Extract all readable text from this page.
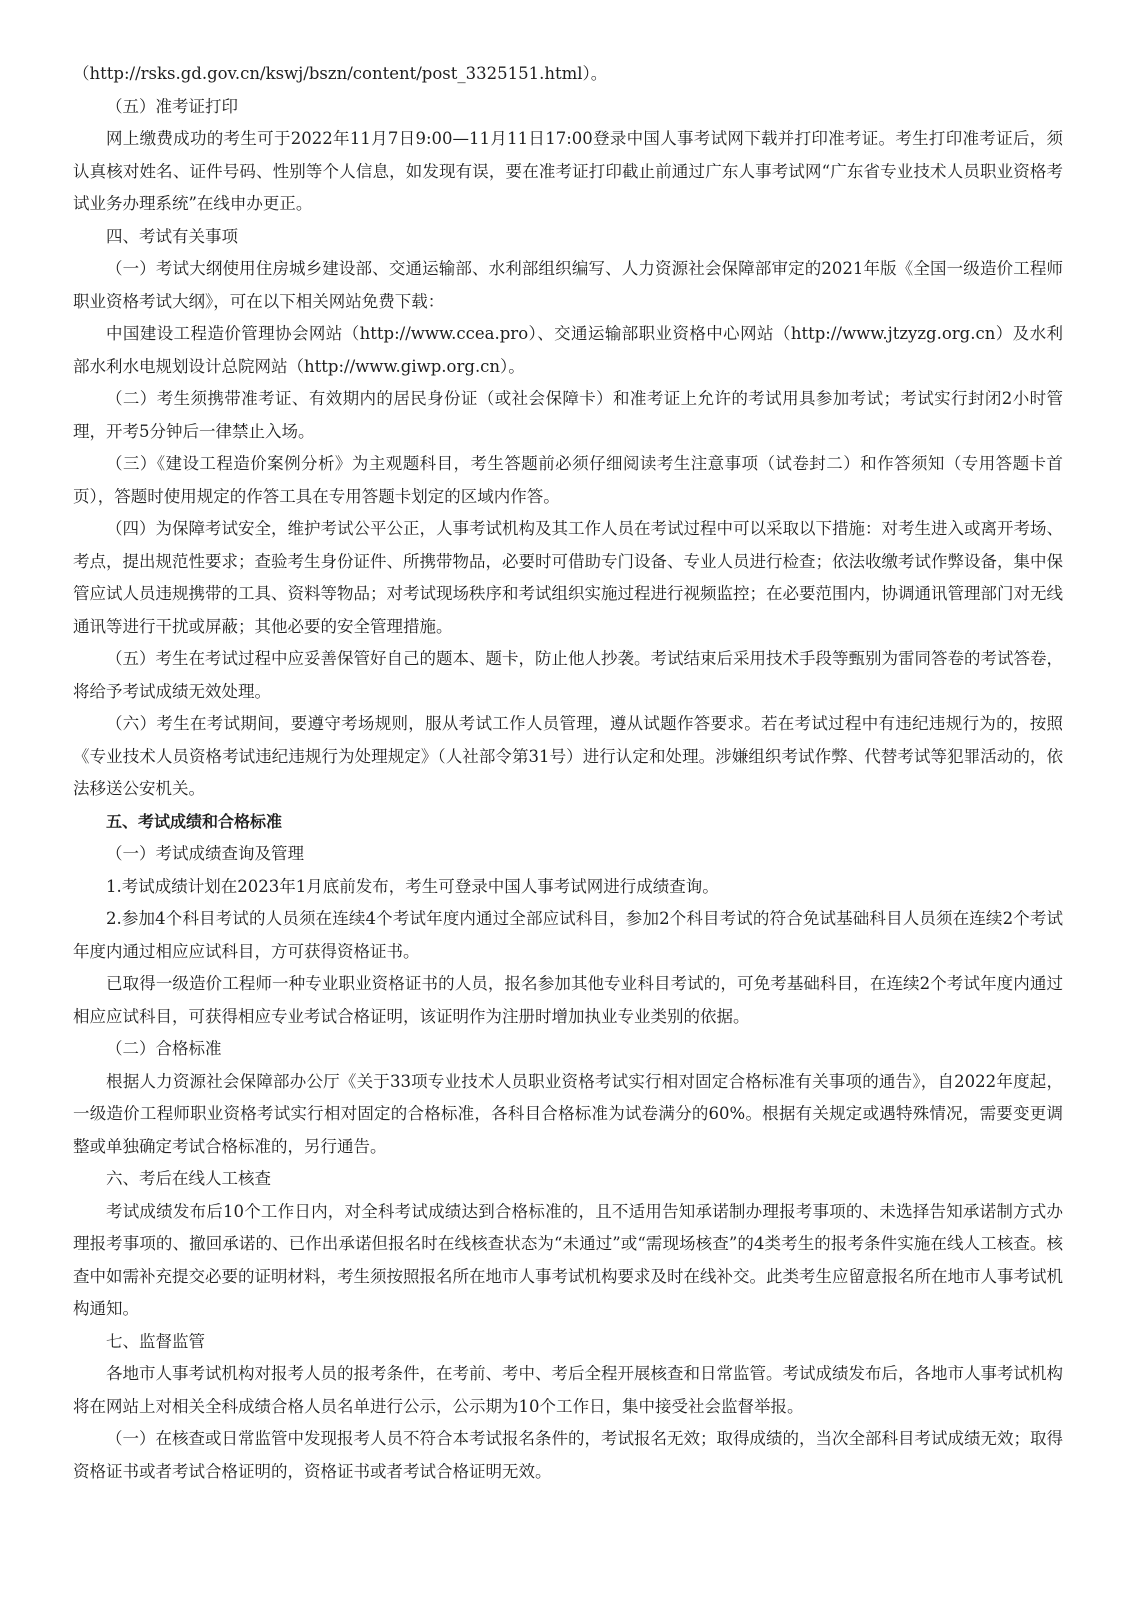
（http://rsks.gd.gov.cn/kswj/bszn/content/post_3325151.html）。

（五）准考证打印

网上缴费成功的考生可于2022年11月7日9:00—11月11日17:00登录中国人事考试网下载并打印准考证。考生打印准考证后，须认真核对姓名、证件号码、性别等个人信息，如发现有误，要在准考证打印截止前通过广东人事考试网“广东省专业技术人员职业资格考试业务办理系统”在线申办更正。

四、考试有关事项

（一）考试大纲使用住房城乡建设部、交通运输部、水利部组织编写、人力资源社会保障部审定的2021年版《全国一级造价工程师职业资格考试大纲》，可在以下相关网站免费下载：

中国建设工程造价管理协会网站（http://www.ccea.pro）、交通运输部职业资格中心网站（http://www.jtzyzg.org.cn）及水利部水利水电规划设计总院网站（http://www.giwp.org.cn）。

（二）考生须携带准考证、有效期内的居民身份证（或社会保障卡）和准考证上允许的考试用具参加考试；考试实行封闭2小时管理，开考5分钟后一律禁止入场。

（三）《建设工程造价案例分析》为主观题科目，考生答题前必须仔细阅读考生注意事项（试卷封二）和作答须知（专用答题卡首页），答题时使用规定的作答工具在专用答题卡划定的区域内作答。

（四）为保障考试安全，维护考试公平公正，人事考试机构及其工作人员在考试过程中可以采取以下措施：对考生进入或离开考场、考点，提出规范性要求；查验考生身份证件、所携带物品，必要时可借助专门设备、专业人员进行检查；依法收缴考试作弊设备，集中保管应试人员违规携带的工具、资料等物品；对考试现场秩序和考试组织实施过程进行视频监控；在必要范围内，协调通讯管理部门对无线通讯等进行干扰或屏蔽；其他必要的安全管理措施。

（五）考生在考试过程中应妥善保管好自己的题本、题卡，防止他人抄袭。考试结束后采用技术手段等甄别为雷同答卷的考试答卷，将给予考试成绩无效处理。

（六）考生在考试期间，要遵守考场规则，服从考试工作人员管理，遵从试题作答要求。若在考试过程中有违纪违规行为的，按照《专业技术人员资格考试违纪违规行为处理规定》（人社部令第31号）进行认定和处理。涉嫌组织考试作弊、代替考试等犯罪活动的，依法移送公安机关。

五、考试成绩和合格标准

（一）考试成绩查询及管理

1.考试成绩计划在2023年1月底前发布，考生可登录中国人事考试网进行成绩查询。

2.参加4个科目考试的人员须在连续4个考试年度内通过全部应试科目，参加2个科目考试的符合免试基础科目人员须在连续2个考试年度内通过相应应试科目，方可获得资格证书。

已取得一级造价工程师一种专业职业资格证书的人员，报名参加其他专业科目考试的，可免考基础科目，在连续2个考试年度内通过相应应试科目，可获得相应专业考试合格证明，该证明作为注册时增加执业专业类别的依据。

（二）合格标准

根据人力资源社会保障部办公厅《关于33项专业技术人员职业资格考试实行相对固定合格标准有关事项的通告》，自2022年度起，一级造价工程师职业资格考试实行相对固定的合格标准，各科目合格标准为试卷满分的60%。根据有关规定或遇特殊情况，需要变更调整或单独确定考试合格标准的，另行通告。

六、考后在线人工核查

考试成绩发布后10个工作日内，对全科考试成绩达到合格标准的，且不适用告知承诺制办理报考事项的、未选择告知承诺制方式办理报考事项的、撤回承诺的、已作出承诺但报名时在线核查状态为“未通过”或“需现场核查”的4类考生的报考条件实施在线人工核查。核查中如需补充提交必要的证明材料，考生须按照报名所在地市人事考试机构要求及时在线补交。此类考生应留意报名所在地市人事考试机构通知。

七、监督监管

各地市人事考试机构对报考人员的报考条件，在考前、考中、考后全程开展核查和日常监管。考试成绩发布后，各地市人事考试机构将在网站上对相关全科成绩合格人员名单进行公示，公示期为10个工作日，集中接受社会监督举报。

（一）在核查或日常监管中发现报考人员不符合本考试报名条件的，考试报名无效；取得成绩的，当次全部科目考试成绩无效；取得资格证书或者考试合格证明的，资格证书或者考试合格证明无效。
